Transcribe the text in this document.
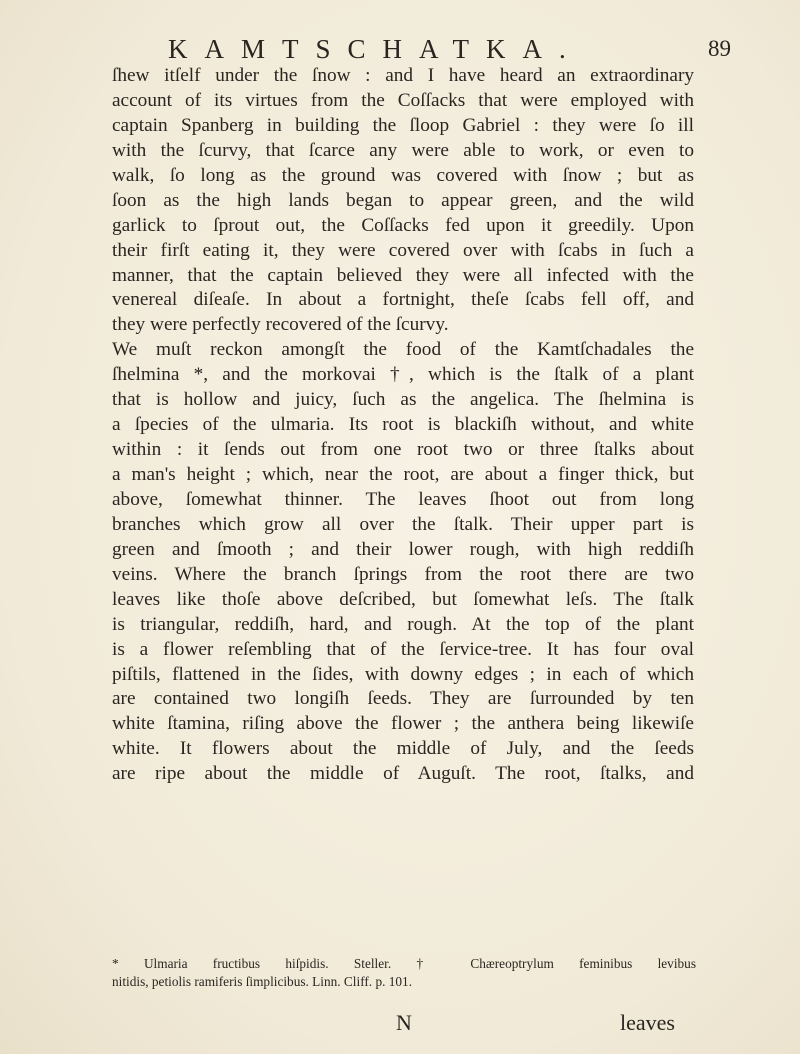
KAMTSCHATKA.	89
ſhew itſelf under the ſnow : and I have heard an extraordinary
account of its virtues from the Coſſacks that were employed with
captain Spanberg in building the ſloop Gabriel : they were ſo ill
with the ſcurvy, that ſcarce any were able to work, or even to
walk, ſo long as the ground was covered with ſnow ; but as
ſoon as the high lands began to appear green, and the wild
garlick to ſprout out, the Coſſacks fed upon it greedily. Upon
their firſt eating it, they were covered over with ſcabs in ſuch a
manner, that the captain believed they were all infected with the
venereal diſeaſe. In about a fortnight, theſe ſcabs fell off, and
they were perfectly recovered of the ſcurvy.
We muſt reckon amongſt the food of the Kamtſchadales the
ſhelmina *, and the morkovai †, which is the ſtalk of a plant
that is hollow and juicy, ſuch as the angelica. The ſhelmina is
a ſpecies of the ulmaria. Its root is blackiſh without, and white
within : it ſends out from one root two or three ſtalks about
a man's height ; which, near the root, are about a finger thick, but
above, ſomewhat thinner. The leaves ſhoot out from long
branches which grow all over the ſtalk. Their upper part is
green and ſmooth ; and their lower rough, with high reddiſh
veins. Where the branch ſprings from the root there are two
leaves like thoſe above deſcribed, but ſomewhat leſs. The ſtalk
is triangular, reddiſh, hard, and rough. At the top of the plant
is a flower reſembling that of the ſervice-tree. It has four oval
piſtils, flattened in the ſides, with downy edges ; in each of which
are contained two longiſh ſeeds. They are ſurrounded by ten
white ſtamina, riſing above the flower ; the anthera being likewiſe
white. It flowers about the middle of July, and the ſeeds
are ripe about the middle of Auguſt. The root, ſtalks, and
* Ulmaria fructibus hiſpidis. Steller. † Chæreoptrylum feminibus levibus
nitidis, petiolis ramiferis ſimplicibus. Linn. Cliff. p. 101.
N	leaves
